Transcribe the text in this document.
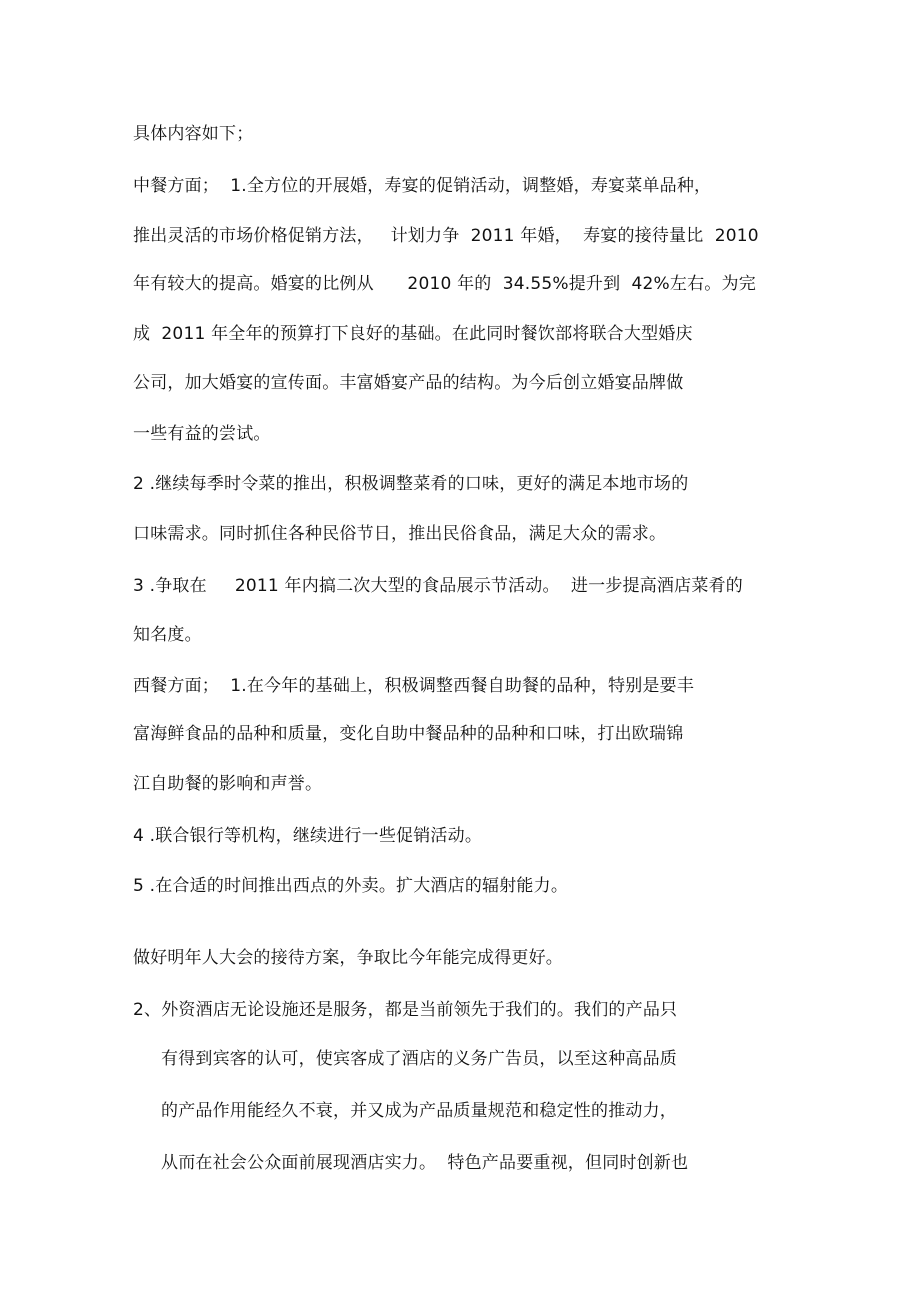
具体内容如下；
中餐方面；  1.全方位的开展婚，寿宴的促销活动，调整婚，寿宴菜单品种，
推出灵活的市场价格促销方法，   计划力争  2011 年婚，  寿宴的接待量比  2010
年有较大的提高。婚宴的比例从      2010 年的  34.55%提升到  42%左右。为完
成  2011 年全年的预算打下良好的基础。在此同时餐饮部将联合大型婚庆
公司，加大婚宴的宣传面。丰富婚宴产品的结构。为今后创立婚宴品牌做
一些有益的尝试。
2 .继续每季时令菜的推出，积极调整菜肴的口味，更好的满足本地市场的
口味需求。同时抓住各种民俗节日，推出民俗食品，满足大众的需求。
3 .争取在     2011 年内搞二次大型的食品展示节活动。  进一步提高酒店菜肴的
知名度。
西餐方面；  1.在今年的基础上，积极调整西餐自助餐的品种，特别是要丰
富海鲜食品的品种和质量，变化自助中餐品种的品种和口味，打出欧瑞锦
江自助餐的影响和声誉。
4 .联合银行等机构，继续进行一些促销活动。
5 .在合适的时间推出西点的外卖。扩大酒店的辐射能力。
做好明年人大会的接待方案，争取比今年能完成得更好。
2、外资酒店无论设施还是服务，都是当前领先于我们的。我们的产品只
有得到宾客的认可，使宾客成了酒店的义务广告员，以至这种高品质
的产品作用能经久不衰，并又成为产品质量规范和稳定性的推动力，
从而在社会公众面前展现酒店实力。  特色产品要重视，但同时创新也
